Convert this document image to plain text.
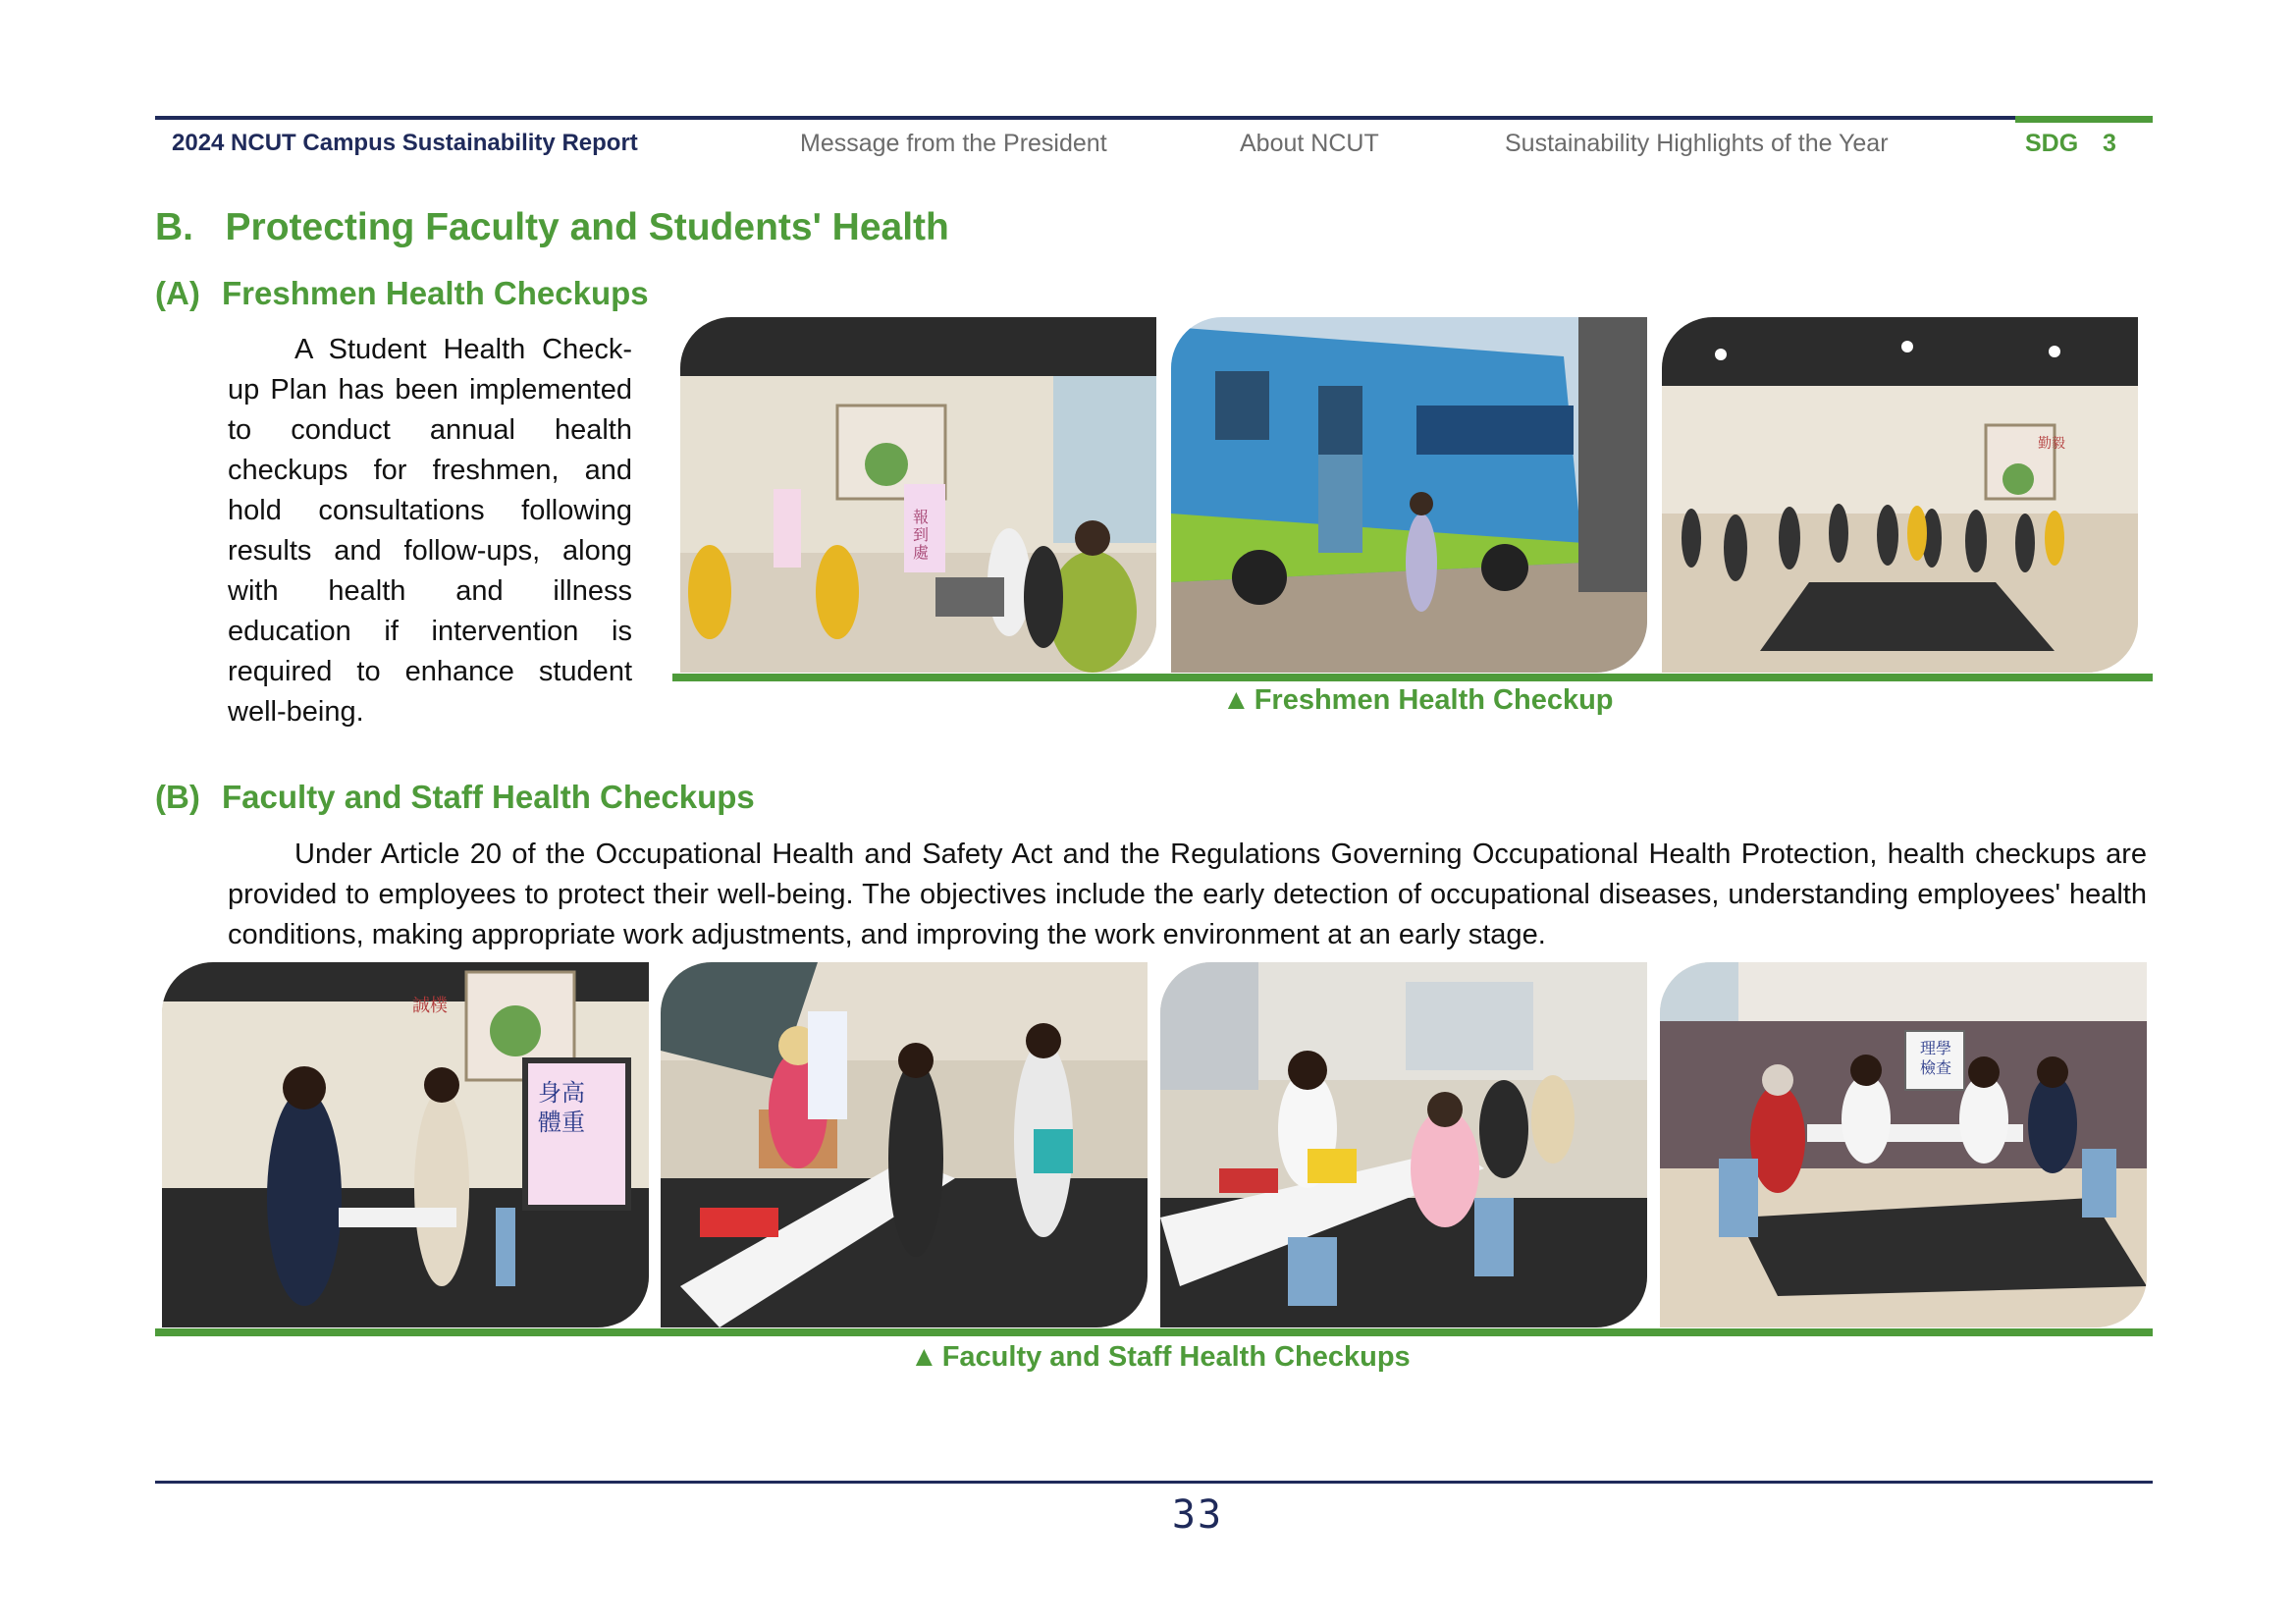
2024 NCUT Campus Sustainability Report	Message from the President	About NCUT	Sustainability Highlights of the Year	SDG 3
B.   Protecting Faculty and Students' Health
(A) Freshmen Health Checkups
A Student Health Check-up Plan has been implemented to conduct annual health checkups for freshmen, and hold consultations following results and follow-ups, along with health and illness education if intervention is required to enhance student well-being.
報到處
勤毅
▲ Freshmen Health Checkup
(B) Faculty and Staff Health Checkups
Under Article 20 of the Occupational Health and Safety Act and the Regulations Governing Occupational Health Protection, health checkups are provided to employees to protect their well-being. The objectives include the early detection of occupational diseases, understanding employees' health conditions, making appropriate work adjustments, and improving the work environment at an early stage.
身高 體重
理學 檢查
▲ Faculty and Staff Health Checkups
33
誠樸
